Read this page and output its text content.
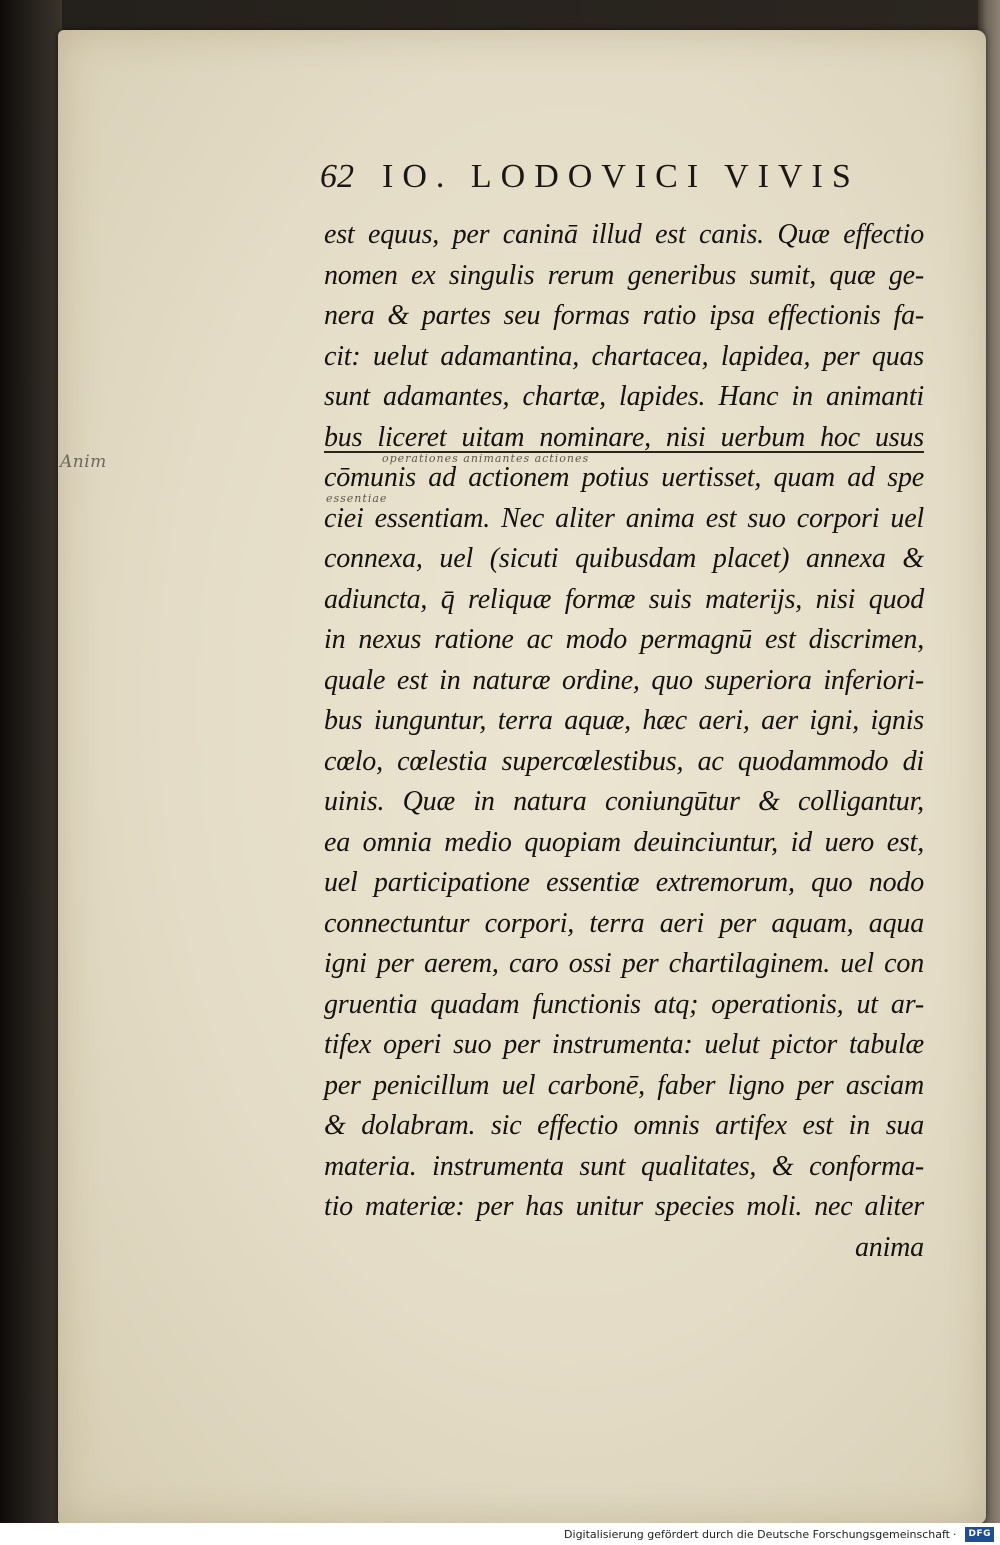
Anim
62 IO. LODOVICI VIVIS
operationes animantes actiones
essentiae
est equus, per caninā illud est canis. Quæ effectio
nomen ex singulis rerum generibus sumit, quæ ge-
nera & partes seu formas ratio ipsa effectionis fa-
cit: uelut adamantina, chartacea, lapidea, per quas
sunt adamantes, chartæ, lapides. Hanc in animanti
bus liceret uitam nominare, nisi uerbum hoc usus
cōmunis ad actionem potius uertisset, quam ad spe
ciei essentiam. Nec aliter anima est suo corpori uel
connexa, uel (sicuti quibusdam placet) annexa &
adiuncta, q̄ reliquæ formæ suis materijs, nisi quod
in nexus ratione ac modo permagnū est discrimen,
quale est in naturæ ordine, quo superiora inferiori-
bus iunguntur, terra aquæ, hæc aeri, aer igni, ignis
cœlo, cœlestia supercœlestibus, ac quodammodo di
uinis. Quæ in natura coniungūtur & colligantur,
ea omnia medio quopiam deuinciuntur, id uero est,
uel participatione essentiæ extremorum, quo nodo
connectuntur corpori, terra aeri per aquam, aqua
igni per aerem, caro ossi per chartilaginem. uel con
gruentia quadam functionis atq; operationis, ut ar-
tifex operi suo per instrumenta: uelut pictor tabulæ
per penicillum uel carbonē, faber ligno per asciam
& dolabram. sic effectio omnis artifex est in sua
materia. instrumenta sunt qualitates, & conforma-
tio materiæ: per has unitur species moli. nec aliter
anima
Digitalisierung gefördert durch die Deutsche Forschungsgemeinschaft ·	DFG
